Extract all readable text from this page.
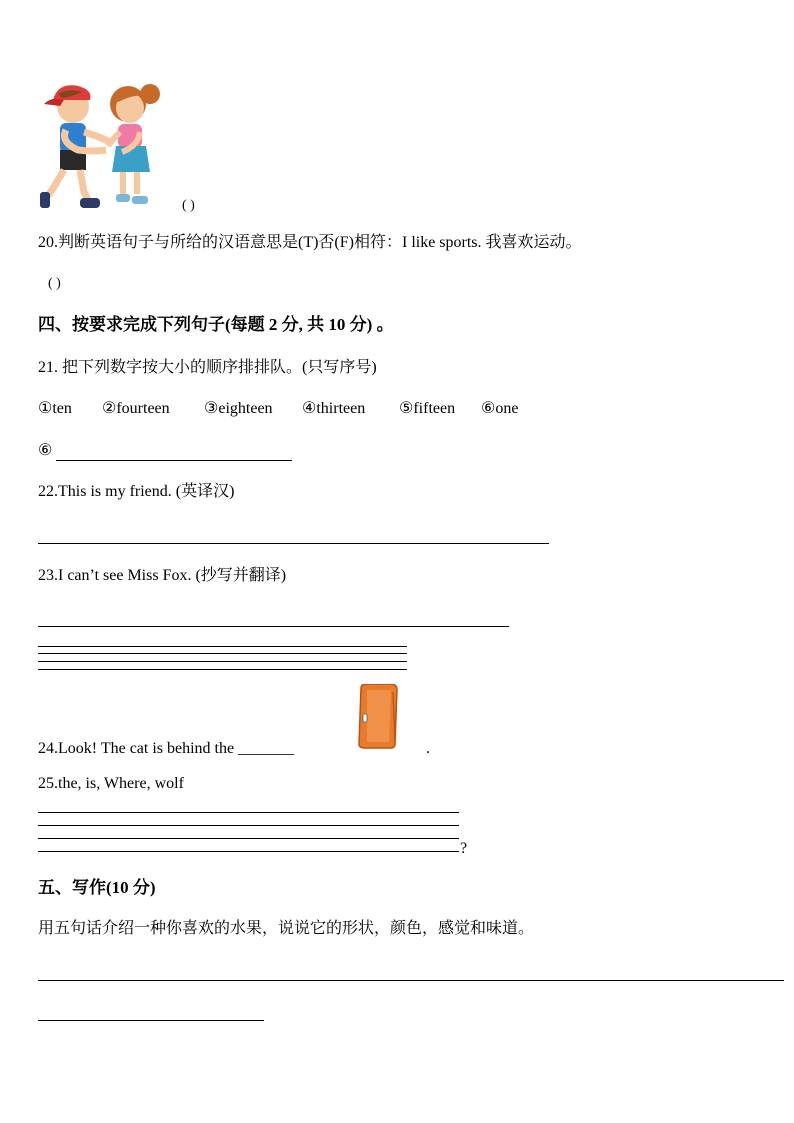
( )
20.判断英语句子与所给的汉语意思是(T)否(F)相符：I like sports. 我喜欢运动。
( )
四、按要求完成下列句子(每题 2 分, 共 10 分) 。
21. 把下列数字按大小的顺序排排队。(只写序号)
①ten ②fourteen ③eighteen ④thirteen ⑤fifteen ⑥one
⑥
22.This is my friend. (英译汉)
23.I can’t see Miss Fox. (抄写并翻译)
24.Look! The cat is behind the _______	.
25.the, is, Where, wolf
?
五、写作(10 分)
用五句话介绍一种你喜欢的水果，说说它的形状，颜色，感觉和味道。
